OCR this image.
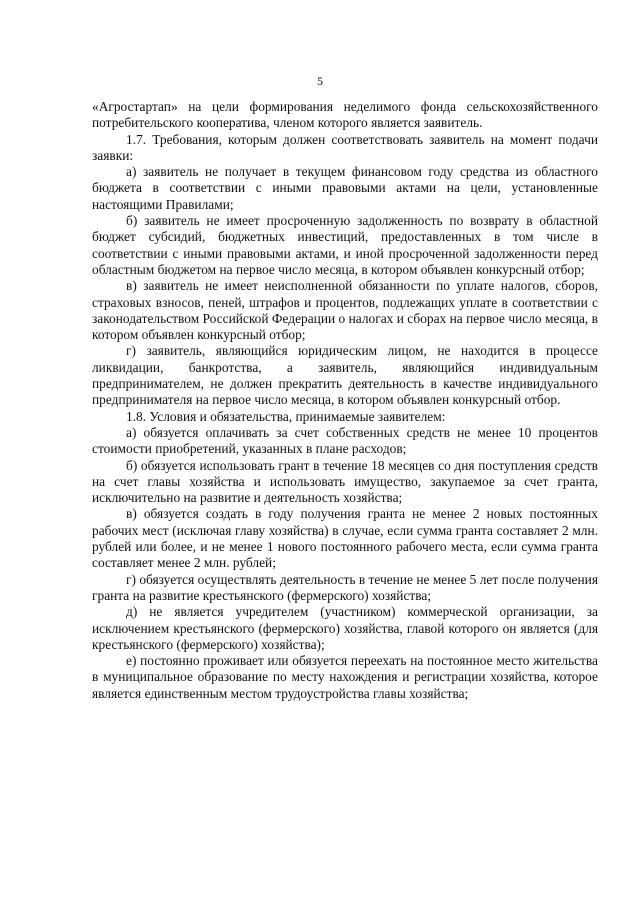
5

«Агростартап» на цели формирования неделимого фонда сельскохозяйственного потребительского кооператива, членом которого является заявитель.

1.7. Требования, которым должен соответствовать заявитель на момент подачи заявки:

а) заявитель не получает в текущем финансовом году средства из областного бюджета в соответствии с иными правовыми актами на цели, установленные настоящими Правилами;

б) заявитель не имеет просроченную задолженность по возврату в областной бюджет субсидий, бюджетных инвестиций, предоставленных в том числе в соответствии с иными правовыми актами, и иной просроченной задолженности перед областным бюджетом на первое число месяца, в котором объявлен конкурсный отбор;

в) заявитель не имеет неисполненной обязанности по уплате налогов, сборов, страховых взносов, пеней, штрафов и процентов, подлежащих уплате в соответствии с законодательством Российской Федерации о налогах и сборах на первое число месяца, в котором объявлен конкурсный отбор;

г) заявитель, являющийся юридическим лицом, не находится в процессе ликвидации, банкротства, а заявитель, являющийся индивидуальным предпринимателем, не должен прекратить деятельность в качестве индивидуального предпринимателя на первое число месяца, в котором объявлен конкурсный отбор.

1.8. Условия и обязательства, принимаемые заявителем:

а) обязуется оплачивать за счет собственных средств не менее 10 процентов стоимости приобретений, указанных в плане расходов;

б) обязуется использовать грант в течение 18 месяцев со дня поступления средств на счет главы хозяйства и использовать имущество, закупаемое за счет гранта, исключительно на развитие и деятельность хозяйства;

в) обязуется создать в году получения гранта не менее 2 новых постоянных рабочих мест (исключая главу хозяйства) в случае, если сумма гранта составляет 2 млн. рублей или более, и не менее 1 нового постоянного рабочего места, если сумма гранта составляет менее 2 млн. рублей;

г) обязуется осуществлять деятельность в течение не менее 5 лет после получения гранта на развитие крестьянского (фермерского) хозяйства;

д) не является учредителем (участником) коммерческой организации, за исключением крестьянского (фермерского) хозяйства, главой которого он является (для крестьянского (фермерского) хозяйства);

е) постоянно проживает или обязуется переехать на постоянное место жительства в муниципальное образование по месту нахождения и регистрации хозяйства, которое является единственным местом трудоустройства главы хозяйства;
